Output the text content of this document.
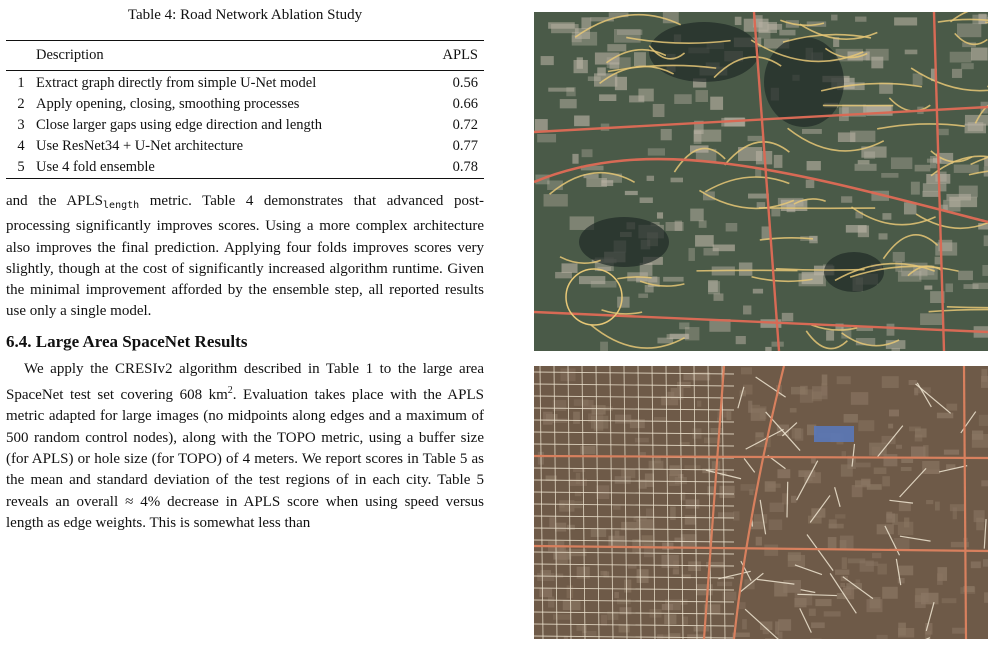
Table 4: Road Network Ablation Study
	Description	APLS
1	Extract graph directly from simple U-Net model	0.56
2	Apply opening, closing, smoothing processes	0.66
3	Close larger gaps using edge direction and length	0.72
4	Use ResNet34 + U-Net architecture	0.77
5	Use 4 fold ensemble	0.78

and the $APLS_{length}$ metric. Table 4 demonstrates that advanced post-processing significantly improves scores. Using a more complex architecture also improves the final prediction. Applying four folds improves scores very slightly, though at the cost of significantly increased algorithm runtime. Given the minimal improvement afforded by the ensemble step, all reported results use only a single model.

6.4. Large Area SpaceNet Results

We apply the CRESIv2 algorithm described in Table 1 to the large area SpaceNet test set covering 608 $km^2$. Evaluation takes place with the APLS metric adapted for large images (no midpoints along edges and a maximum of 500 random control nodes), along with the TOPO metric, using a buffer size (for APLS) or hole size (for TOPO) of 4 meters. We report scores in Table 5 as the mean and standard deviation of the test regions of in each city. Table 5 reveals an overall ≈ 4% decrease in APLS score when using speed versus length as edge weights. This is somewhat less than
